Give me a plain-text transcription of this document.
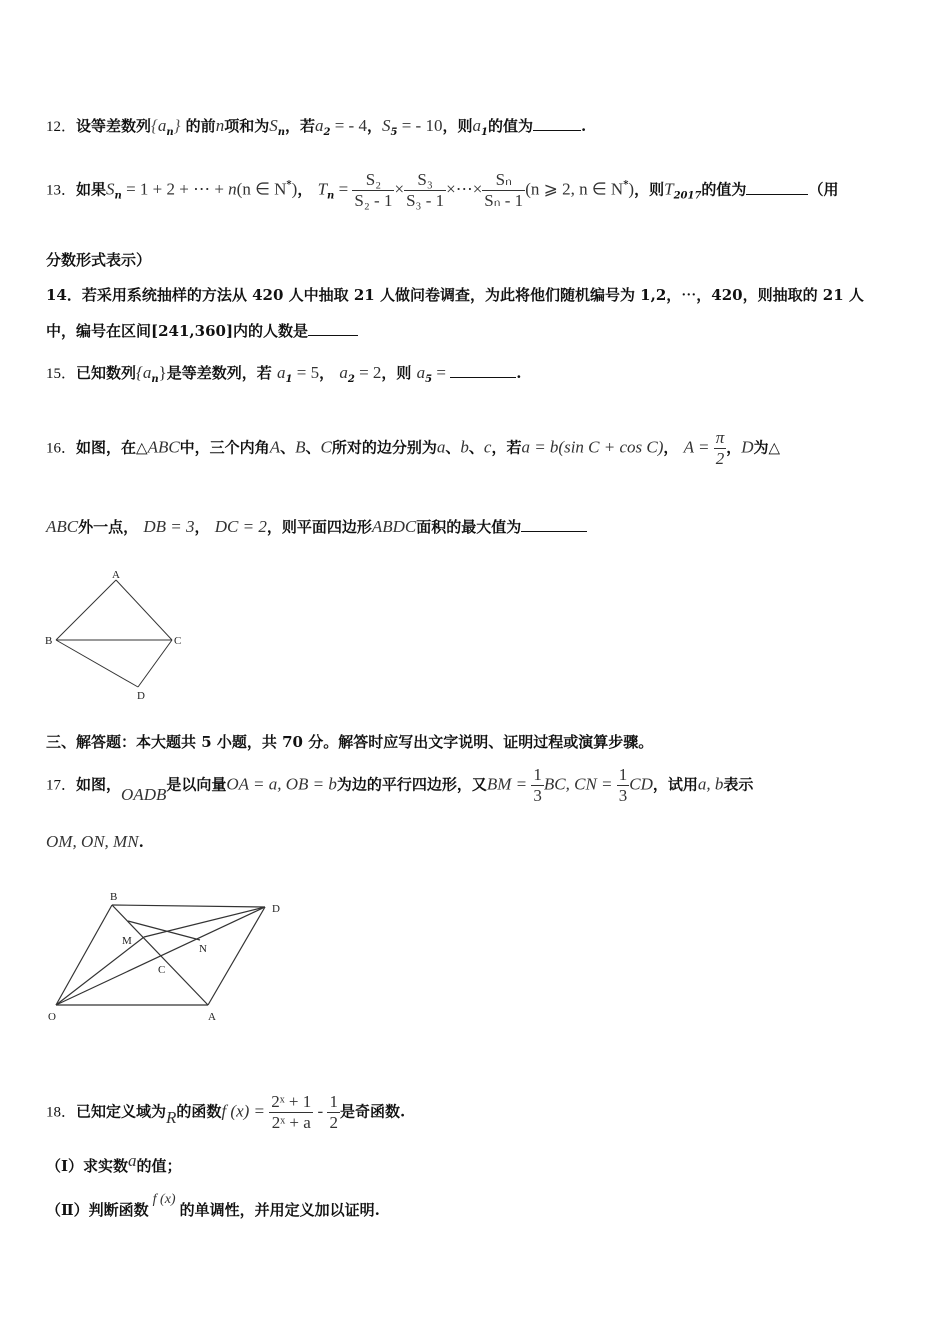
12．设等差数列$\{a_n\}$ 的前n项和为$S_n$，若$a_2$ = - 4，$S_5$ = - 10，则$a_1$的值为	.
13．如果$S_n = 1 + 2$ + ⋯ + n(n ∈ N*)， $T_n = \frac{\text{S₂}}{\text{S₂ - 1}} \times \frac{\text{S₃}}{\text{S₃ - 1}}$ ×⋯× $\frac{\text{Sₙ}}{\text{Sₙ - 1}} (n$ ⩾ 2, n ∈ N*)，则$T_{2017}$的值为	（用
分数形式表示）
14．若采用系统抽样的方法从 420 人中抽取 21 人做问卷调查，为此将他们随机编号为 1,2，⋯，420，则抽取的 21 人
中，编号在区间[241,360]内的人数是
15．已知数列$\{a_n\}$是等差数列，若 $a_1 = 5$， $a_2 = 2$，则 $a_5$ =	.
16．如图，在△ABC中，三个内角A、B、C所对的边分别为a、b、c，若a = b(sin C + cos C)， $A = \frac{\pi}{2}$ ，D为△
ABC外一点， DB = 3， DC = 2，则平面四边形ABDC面积的最大值为
A
B	C
D
三、解答题：本大题共 5 小题，共 70 分。解答时应写出文字说明、证明过程或演算步骤。
17．如图，OADB是以向量OA = a, OB = b为边的平行四边形，又BM = $\frac{1}{3}$ BC, CN = $\frac{1}{3}$ CD，试用a, b表示
OM, ON, MN.
B
D
M
N
C
O	A
18．已知定义域为R的函数f $(x) = \frac{\text{2ˣ + 1}}{\text{2ˣ + a}} - \frac{1}{2}$ 是奇函数.
（Ⅰ）求实数a的值；
（Ⅱ）判断函数f (x)的单调性，并用定义加以证明.
